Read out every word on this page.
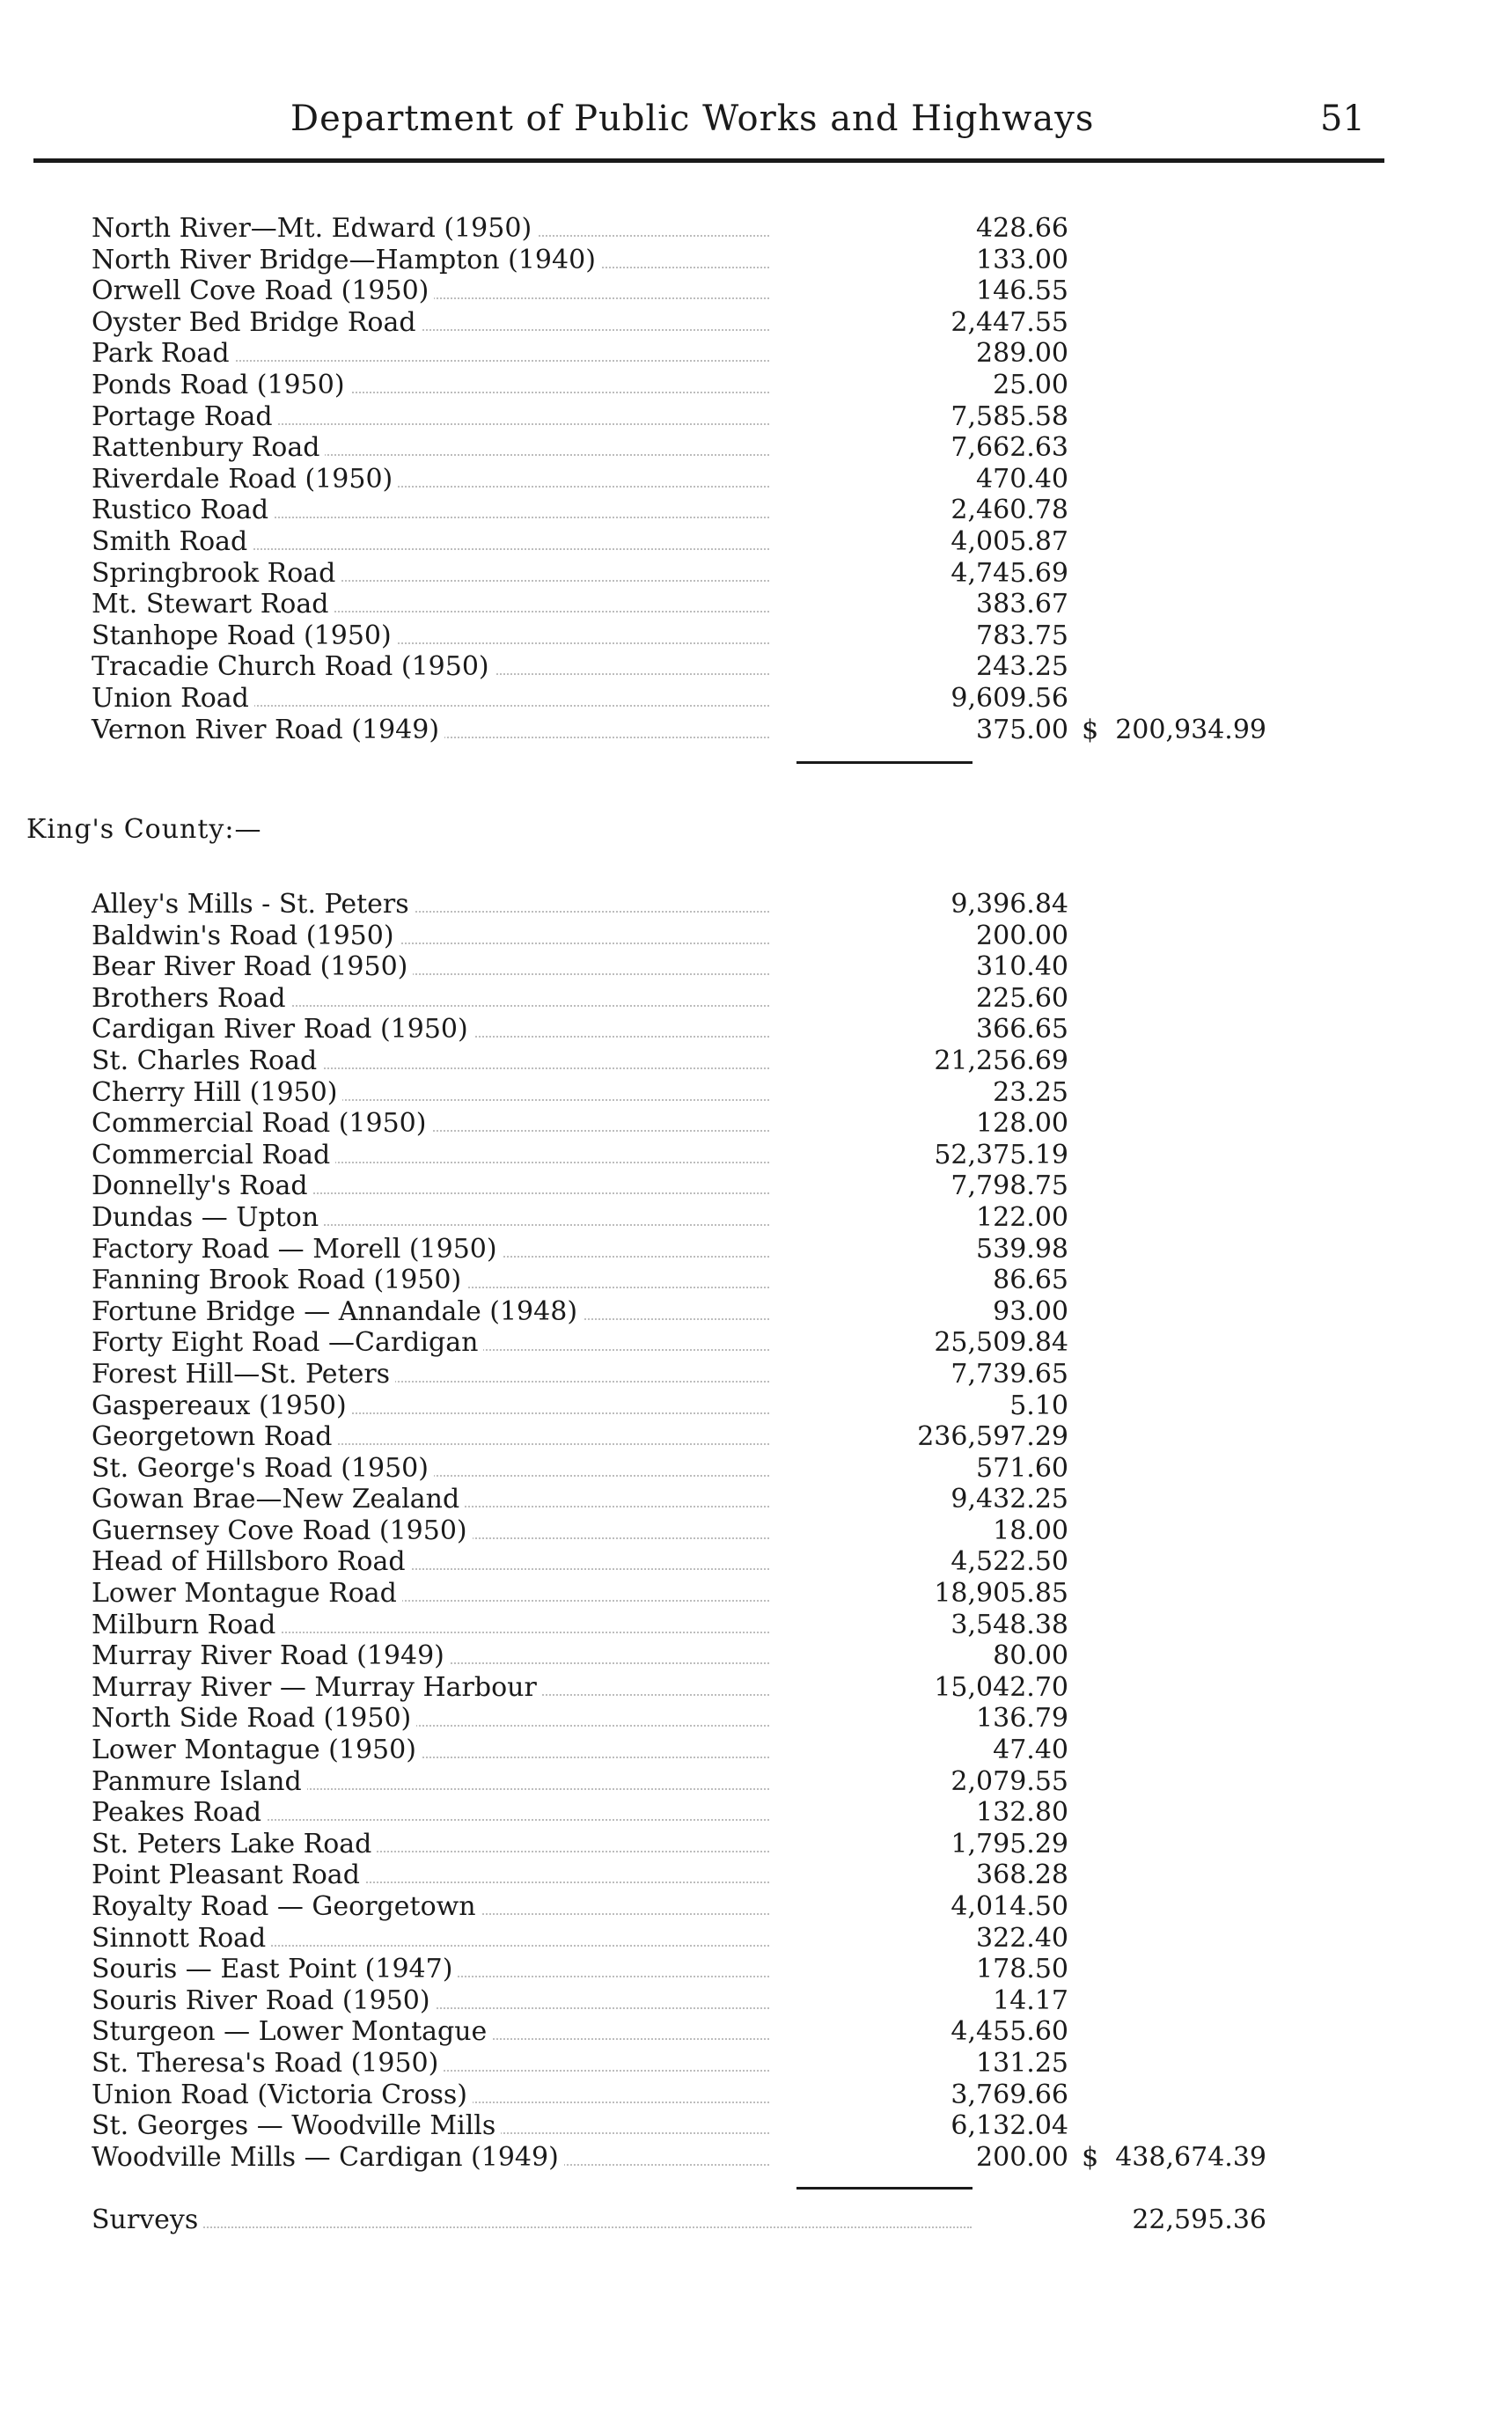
Department of Public Works and Highways	51
North River—Mt. Edward (1950)	428.66
North River Bridge—Hampton (1940)	133.00
Orwell Cove Road (1950)	146.55
Oyster Bed Bridge Road	2,447.55
Park Road	289.00
Ponds Road (1950)	25.00
Portage Road	7,585.58
Rattenbury Road	7,662.63
Riverdale Road (1950)	470.40
Rustico Road	2,460.78
Smith Road	4,005.87
Springbrook Road	4,745.69
Mt. Stewart Road	383.67
Stanhope Road (1950)	783.75
Tracadie Church Road (1950)	243.25
Union Road	9,609.56
Vernon River Road (1949)	375.00 $  200,934.99
King's County:—
Alley's Mills - St. Peters	9,396.84
Baldwin's Road (1950)	200.00
Bear River Road (1950)	310.40
Brothers Road	225.60
Cardigan River Road (1950)	366.65
St. Charles Road	21,256.69
Cherry Hill (1950)	23.25
Commercial Road (1950)	128.00
Commercial Road	52,375.19
Donnelly's Road	7,798.75
Dundas — Upton	122.00
Factory Road — Morell (1950)	539.98
Fanning Brook Road (1950)	86.65
Fortune Bridge — Annandale (1948)	93.00
Forty Eight Road —Cardigan	25,509.84
Forest Hill—St. Peters	7,739.65
Gaspereaux (1950)	5.10
Georgetown Road	236,597.29
St. George's Road (1950)	571.60
Gowan Brae—New Zealand	9,432.25
Guernsey Cove Road (1950)	18.00
Head of Hillsboro Road	4,522.50
Lower Montague Road	18,905.85
Milburn Road	3,548.38
Murray River Road (1949)	80.00
Murray River — Murray Harbour	15,042.70
North Side Road (1950)	136.79
Lower Montague (1950)	47.40
Panmure Island	2,079.55
Peakes Road	132.80
St. Peters Lake Road	1,795.29
Point Pleasant Road	368.28
Royalty Road — Georgetown	4,014.50
Sinnott Road	322.40
Souris — East Point (1947)	178.50
Souris River Road (1950)	14.17
Sturgeon — Lower Montague	4,455.60
St. Theresa's Road (1950)	131.25
Union Road (Victoria Cross)	3,769.66
St. Georges — Woodville Mills	6,132.04
Woodville Mills — Cardigan (1949)	200.00 $  438,674.39
Surveys	22,595.36
